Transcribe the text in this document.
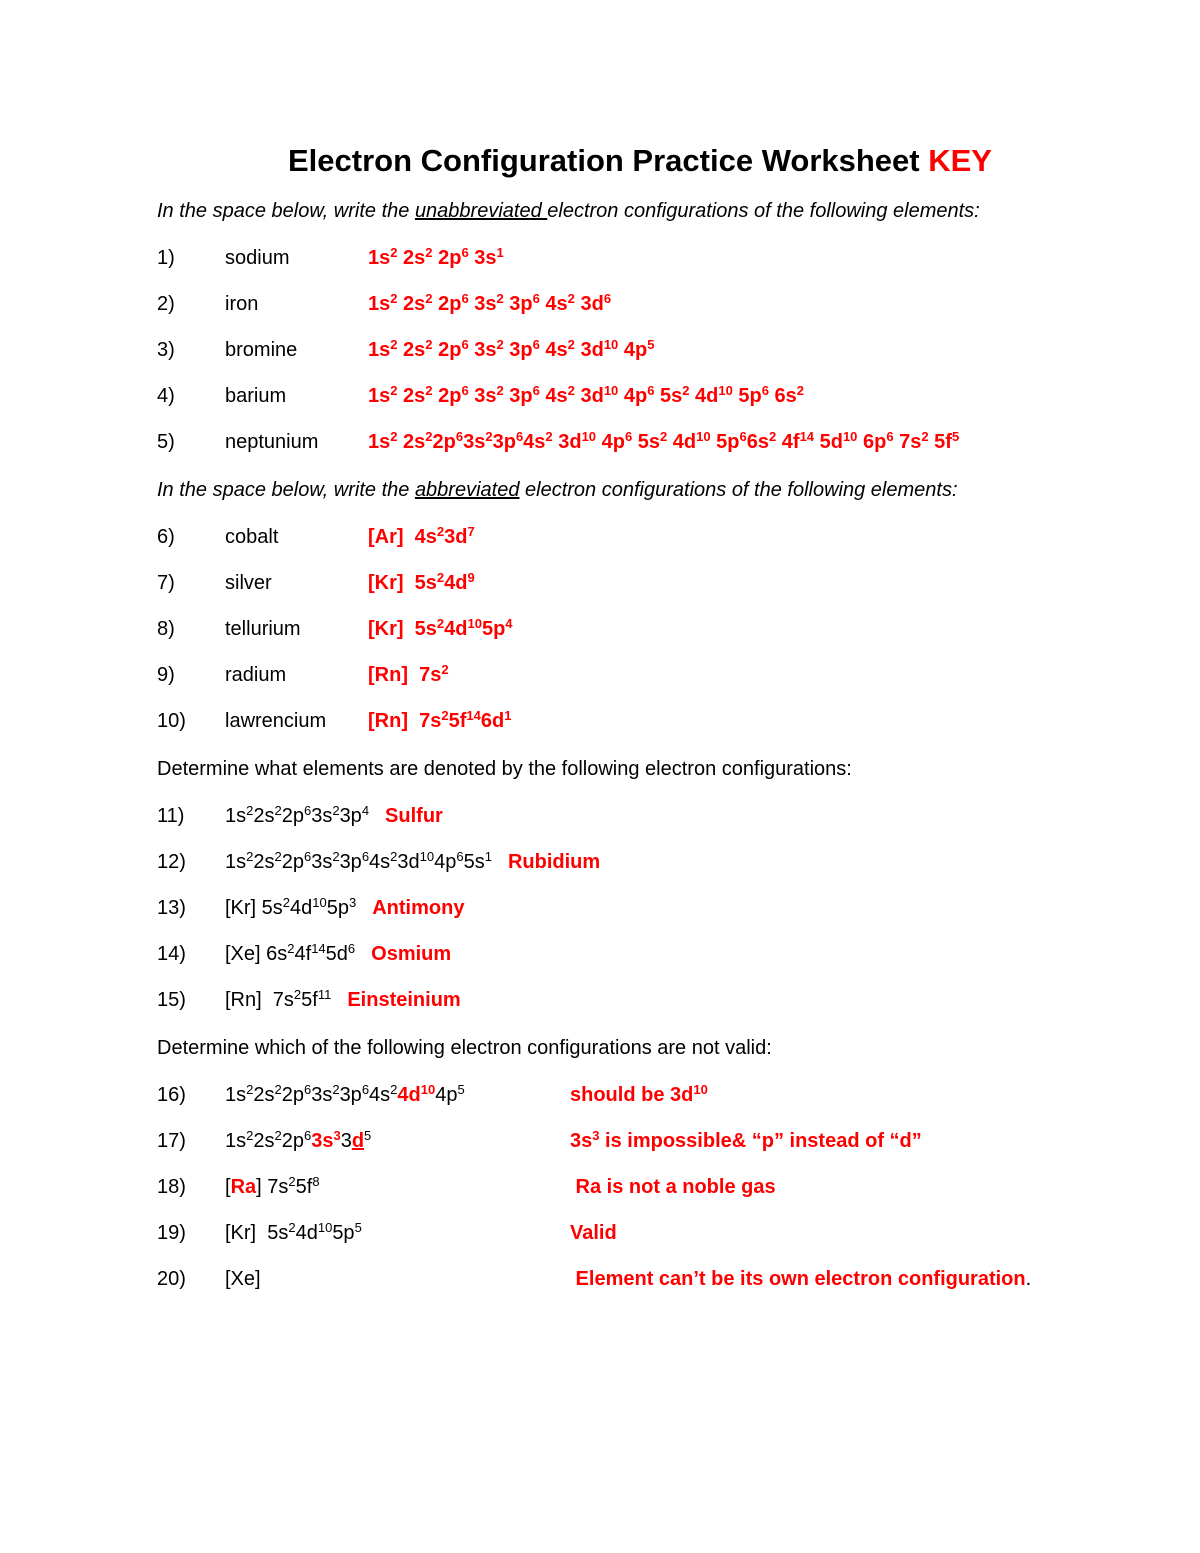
Electron Configuration Practice Worksheet KEY

In the space below, write the unabbreviated electron configurations of the following elements:

1)	sodium	$1s^2$ $2s^2$ $2p^6$ $3s^1$
2)	iron	$1s^2$ $2s^2$ $2p^6$ $3s^2$ $3p^6$ $4s^2$ $3d^6$
3)	bromine	$1s^2$ $2s^2$ $2p^6$ $3s^2$ $3p^6$ $4s^2$ $3d^{10}$ $4p^5$
4)	barium	$1s^2$ $2s^2$ $2p^6$ $3s^2$ $3p^6$ $4s^2$ $3d^{10}$ $4p^6$ $5s^2$ $4d^{10}$ $5p^6$ $6s^2$
5)	neptunium	$1s^2$ $2s^22p^63s^23p^64s^2$ $3d^{10}$ $4p^6$ $5s^2$ $4d^{10}$ $5p^66s^2$ $4f^{14}$ $5d^{10}$ $6p^6$ $7s^2$ $5f^5$

In the space below, write the abbreviated electron configurations of the following elements:

6)	cobalt	[Ar]  $4s^23d^7$
7)	silver	[Kr]  $5s^24d^9$
8)	tellurium	[Kr]  $5s^24d^{10}5p^4$
9)	radium	[Rn]  $7s^2$
10)	lawrencium	[Rn]  $7s^25f^{14}6d^1$

Determine what elements are denoted by the following electron configurations:

11)	$1s^22s^22p^63s^23p^4$ Sulfur
12)	$1s^22s^22p^63s^23p^64s^23d^{10}4p^65s^1$ Rubidium
13)	[Kr] $5s^24d^{10}5p^3$ Antimony
14)	[Xe] $6s^24f^{14}5d^6$ Osmium
15)	[Rn]  $7s^25f^{11}$ Einsteinium

Determine which of the following electron configurations are not valid:

16)	$1s^22s^22p^63s^23p^64s^24d^{10}4p^5$	should be $3d^{10}$
17)	$1s^22s^22p^63s^33d^5$	$3s^3$ is impossible& “p” instead of “d”
18)	[Ra] $7s^25f^8$	Ra is not a noble gas
19)	[Kr]  $5s^24d^{10}5p^5$	Valid
20)	[Xe]	Element can’t be its own electron configuration.
